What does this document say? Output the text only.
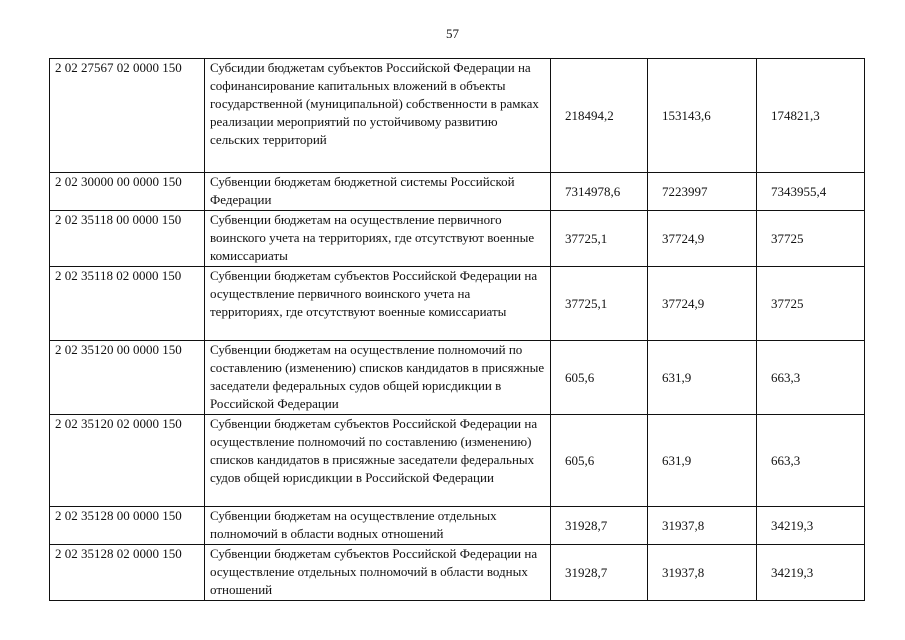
57
2 02 27567 02 0000 150	Субсидии бюджетам субъектов Российской Федерации на софинансирование капитальных вложений в объекты государственной (муниципальной) собственности в рамках реализации мероприятий по устойчивому развитию сельских территорий	218494,2	153143,6	174821,3
2 02 30000 00 0000 150	Субвенции бюджетам бюджетной системы Российской Федерации	7314978,6	7223997	7343955,4
2 02 35118 00 0000 150	Субвенции бюджетам на осуществление первичного воинского учета на территориях, где отсутствуют военные комиссариаты	37725,1	37724,9	37725
2 02 35118 02 0000 150	Субвенции бюджетам субъектов Российской Федерации на осуществление первичного воинского учета на территориях, где отсутствуют военные комиссариаты	37725,1	37724,9	37725
2 02 35120 00 0000 150	Субвенции бюджетам на осуществление полномочий по составлению (изменению) списков кандидатов в присяжные заседатели федеральных судов общей юрисдикции в Российской Федерации	605,6	631,9	663,3
2 02 35120 02 0000 150	Субвенции бюджетам субъектов Российской Федерации на осуществление полномочий по составлению (изменению) списков кандидатов в присяжные заседатели федеральных судов общей юрисдикции в Российской Федерации	605,6	631,9	663,3
2 02 35128 00 0000 150	Субвенции бюджетам на осуществление отдельных полномочий в области водных отношений	31928,7	31937,8	34219,3
2 02 35128 02 0000 150	Субвенции бюджетам субъектов Российской Федерации на осуществление отдельных полномочий в области водных отношений	31928,7	31937,8	34219,3
